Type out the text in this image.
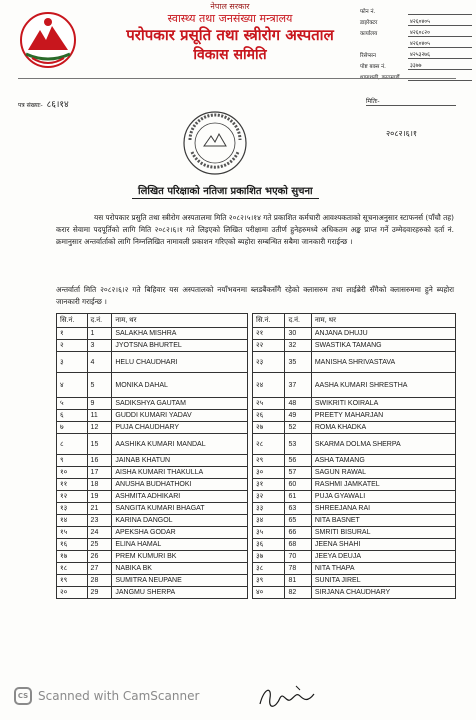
नेपाल सरकार
स्वास्थ्य तथा जनसंख्या मन्त्रालय
परोपकार प्रसूति तथा स्त्रीरोग अस्पताल
विकास समिति
फोन नं.
डाइरेक्टर	४२६०४०५
कार्यालय	४२६०८२०
४२६०४०५
रिसेप्सन	४२५३२७६
पोष्ट बक्स नं.	३३७७
पत्र संख्याः- ८६।१४	मितिः-
२०८२।६।१
लिखित परिक्षाको नतिजा प्रकाशित भएको सुचना
यस परोपकार प्रसुति तथा स्त्रीरोग अस्पतालमा मिति २०८२।५।१४ गते प्रकाशित कर्मचारी आवश्यकताको सूचनाअनुसार स्टाफनर्स (पाँचौ तह) करार सेवामा पदपूर्तिको लागि मिति २०८२।६।१ गते लिइएको लिखित परीक्षामा उतीर्ण हुनेहरुमध्ये अधिकतम अङ्क प्राप्त गर्ने उम्मेदवारहरुको दर्ता नं. क्रमानुसार अन्तर्वार्ताको लागि निम्नलिखित नामावली प्रकाशन गरिएको ब्यहोरा सम्बन्धित सबैमा जानकारी गराईन्छ ।
अन्तर्वार्ता मिति २०८२।६।२ गते बिहिवार यस अस्पतालको नयाँभवनमा ब्लडबैंकसँगै रहेको क्लासरुम तथा लाईब्रेरी सँगैको क्लासरुममा हुने ब्यहोरा जानकारी गराईन्छ ।
सि.नं.	द.नं.	नाम, थर
१	1	SALAKHA MISHRA
२	3	JYOTSNA BHURTEL
३	4	HELU CHAUDHARI
४	5	MONIKA DAHAL
५	9	SADIKSHYA GAUTAM
६	11	GUDDI KUMARI YADAV
७	12	PUJA CHAUDHARY
८	15	AASHIKA KUMARI MANDAL
९	16	JAINAB KHATUN
१०	17	AISHA KUMARI THAKULLA
११	18	ANUSHA BUDHATHOKI
१२	19	ASHMITA ADHIKARI
१३	21	SANGITA KUMARI BHAGAT
१४	23	KARINA DANGOL
१५	24	APEKSHA GODAR
१६	25	ELINA HAMAL
१७	26	PREM KUMURI BK
१८	27	NABIKA BK
१९	28	SUMITRA NEUPANE
२०	29	JANGMU SHERPA
सि.नं.	द.नं.	नाम, थर
२१	30	ANJANA DHUJU
२२	32	SWASTIKA TAMANG
२३	35	MANISHA SHRIVASTAVA
२४	37	AASHA KUMARI SHRESTHA
२५	48	SWIKRITI KOIRALA
२६	49	PREETY MAHARJAN
२७	52	ROMA KHADKA
२८	53	SKARMA DOLMA SHERPA
२९	56	ASHA TAMANG
३०	57	SAGUN RAWAL
३१	60	RASHMI JAMKATEL
३२	61	PUJA GYAWALI
३३	63	SHREEJANA RAI
३४	65	NITA BASNET
३५	66	SMRITI BISURAL
३६	68	JEENA SHAHI
३७	70	JEEYA DEUJA
३८	78	NITA THAPA
३९	81	SUNITA JIREL
४०	82	SIRJANA CHAUDHARY
CS Scanned with CamScanner
